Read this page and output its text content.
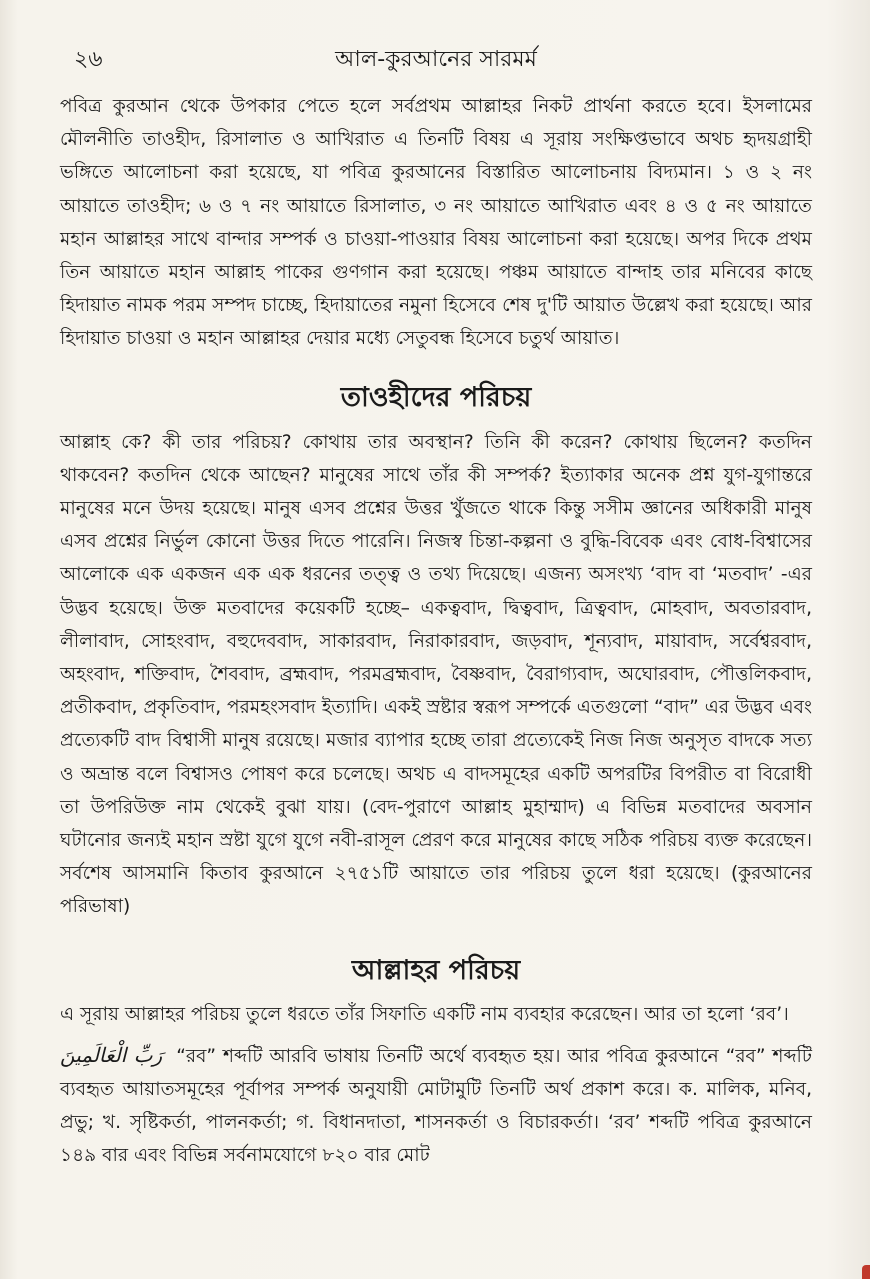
২৬	আল-কুরআনের সারমর্ম

পবিত্র কুরআন থেকে উপকার পেতে হলে সর্বপ্রথম আল্লাহর নিকট প্রার্থনা করতে হবে। ইসলামের মৌলনীতি তাওহীদ, রিসালাত ও আখিরাত এ তিনটি বিষয় এ সূরায় সংক্ষিপ্তভাবে অথচ হৃদয়গ্রাহী ভঙ্গিতে আলোচনা করা হয়েছে, যা পবিত্র কুরআনের বিস্তারিত আলোচনায় বিদ্যমান। ১ ও ২ নং আয়াতে তাওহীদ; ৬ ও ৭ নং আয়াতে রিসালাত, ৩ নং আয়াতে আখিরাত এবং ৪ ও ৫ নং আয়াতে মহান আল্লাহর সাথে বান্দার সম্পর্ক ও চাওয়া-পাওয়ার বিষয় আলোচনা করা হয়েছে। অপর দিকে প্রথম তিন আয়াতে মহান আল্লাহ পাকের গুণগান করা হয়েছে। পঞ্চম আয়াতে বান্দাহ তার মনিবের কাছে হিদায়াত নামক পরম সম্পদ চাচ্ছে, হিদায়াতের নমুনা হিসেবে শেষ দু'টি আয়াত উল্লেখ করা হয়েছে। আর হিদায়াত চাওয়া ও মহান আল্লাহর দেয়ার মধ্যে সেতুবন্ধ হিসেবে চতুর্থ আয়াত।

তাওহীদের পরিচয়

আল্লাহ কে? কী তার পরিচয়? কোথায় তার অবস্থান? তিনি কী করেন? কোথায় ছিলেন? কতদিন থাকবেন? কতদিন থেকে আছেন? মানুষের সাথে তাঁর কী সম্পর্ক? ইত্যাকার অনেক প্রশ্ন যুগ-যুগান্তরে মানুষের মনে উদয় হয়েছে। মানুষ এসব প্রশ্নের উত্তর খুঁজতে থাকে কিন্তু সসীম জ্ঞানের অধিকারী মানুষ এসব প্রশ্নের নির্ভুল কোনো উত্তর দিতে পারেনি। নিজস্ব চিন্তা-কল্পনা ও বুদ্ধি-বিবেক এবং বোধ-বিশ্বাসের আলোকে এক একজন এক এক ধরনের তত্ত্ব ও তথ্য দিয়েছে। এজন্য অসংখ্য ‘বাদ বা ‘মতবাদ’ -এর উদ্ভব হয়েছে। উক্ত মতবাদের কয়েকটি হচ্ছে– একত্ববাদ, দ্বিত্ববাদ, ত্রিত্ববাদ, মোহবাদ, অবতারবাদ, লীলাবাদ, সোহংবাদ, বহুদেববাদ, সাকারবাদ, নিরাকারবাদ, জড়বাদ, শূন্যবাদ, মায়াবাদ, সর্বেশ্বরবাদ, অহংবাদ, শক্তিবাদ, শৈববাদ, ব্রহ্মবাদ, পরমব্রহ্মবাদ, বৈষ্ণবাদ, বৈরাগ্যবাদ, অঘোরবাদ, পৌত্তলিকবাদ, প্রতীকবাদ, প্রকৃতিবাদ, পরমহংসবাদ ইত্যাদি। একই স্রষ্টার স্বরূপ সম্পর্কে এতগুলো “বাদ” এর উদ্ভব এবং প্রত্যেকটি বাদ বিশ্বাসী মানুষ রয়েছে। মজার ব্যাপার হচ্ছে তারা প্রত্যেকেই নিজ নিজ অনুসৃত বাদকে সত্য ও অভ্রান্ত বলে বিশ্বাসও পোষণ করে চলেছে। অথচ এ বাদসমূহের একটি অপরটির বিপরীত বা বিরোধী তা উপরিউক্ত নাম থেকেই বুঝা যায়। (বেদ-পুরাণে আল্লাহ মুহাম্মাদ) এ বিভিন্ন মতবাদের অবসান ঘটানোর জন্যই মহান স্রষ্টা যুগে যুগে নবী-রাসূল প্রেরণ করে মানুষের কাছে সঠিক পরিচয় ব্যক্ত করেছেন। সর্বশেষ আসমানি কিতাব কুরআনে ২৭৫১টি আয়াতে তার পরিচয় তুলে ধরা হয়েছে। (কুরআনের পরিভাষা)

আল্লাহর পরিচয়

এ সূরায় আল্লাহর পরিচয় তুলে ধরতে তাঁর সিফাতি একটি নাম ব্যবহার করেছেন। আর তা হলো ‘রব’।

رَبِّ الْعَالَمِينَ “রব” শব্দটি আরবি ভাষায় তিনটি অর্থে ব্যবহৃত হয়। আর পবিত্র কুরআনে “রব” শব্দটি ব্যবহৃত আয়াতসমূহের পূর্বাপর সম্পর্ক অনুযায়ী মোটামুটি তিনটি অর্থ প্রকাশ করে। ক. মালিক, মনিব, প্রভু; খ. সৃষ্টিকর্তা, পালনকর্তা; গ. বিধানদাতা, শাসনকর্তা ও বিচারকর্তা। ‘রব’ শব্দটি পবিত্র কুরআনে ১৪৯ বার এবং বিভিন্ন সর্বনামযোগে ৮২০ বার মোট
